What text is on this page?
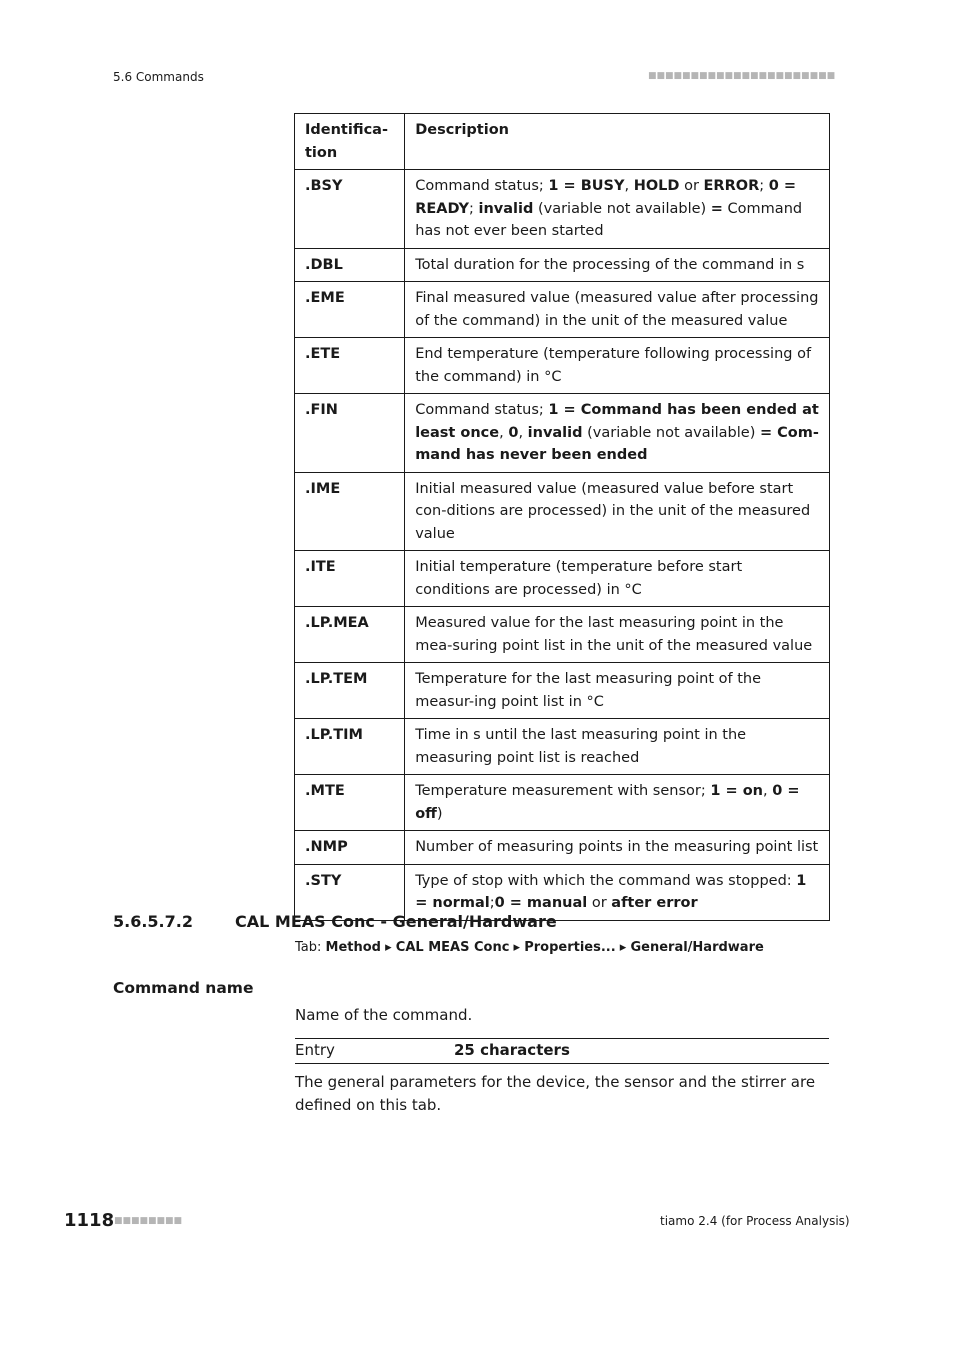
5.6 Commands	■■■■■■■■■■■■■■■■■■■■■■
Identifica-
tion	Description
.BSY	Command status; 1 = BUSY, HOLD or ERROR; 0 = READY; invalid (variable not available) = Command has not ever been started
.DBL	Total duration for the processing of the command in s
.EME	Final measured value (measured value after processing of the command) in the unit of the measured value
.ETE	End temperature (temperature following processing of the command) in °C
.FIN	Command status; 1 = Command has been ended at least once, 0, invalid (variable not available) = Com-mand has never been ended
.IME	Initial measured value (measured value before start con-ditions are processed) in the unit of the measured value
.ITE	Initial temperature (temperature before start conditions are processed) in °C
.LP.MEA	Measured value for the last measuring point in the mea-suring point list in the unit of the measured value
.LP.TEM	Temperature for the last measuring point of the measur-ing point list in °C
.LP.TIM	Time in s until the last measuring point in the measuring point list is reached
.MTE	Temperature measurement with sensor; 1 = on, 0 = off)
.NMP	Number of measuring points in the measuring point list
.STY	Type of stop with which the command was stopped: 1 = normal;0 = manual or after error
5.6.5.7.2	CAL MEAS Conc - General/Hardware
Tab: Method ▸ CAL MEAS Conc ▸ Properties... ▸ General/Hardware
Command name
Name of the command.
Entry	25 characters
The general parameters for the device, the sensor and the stirrer are defined on this tab.
1118 ■■■■■■■■	tiamo 2.4 (for Process Analysis)
